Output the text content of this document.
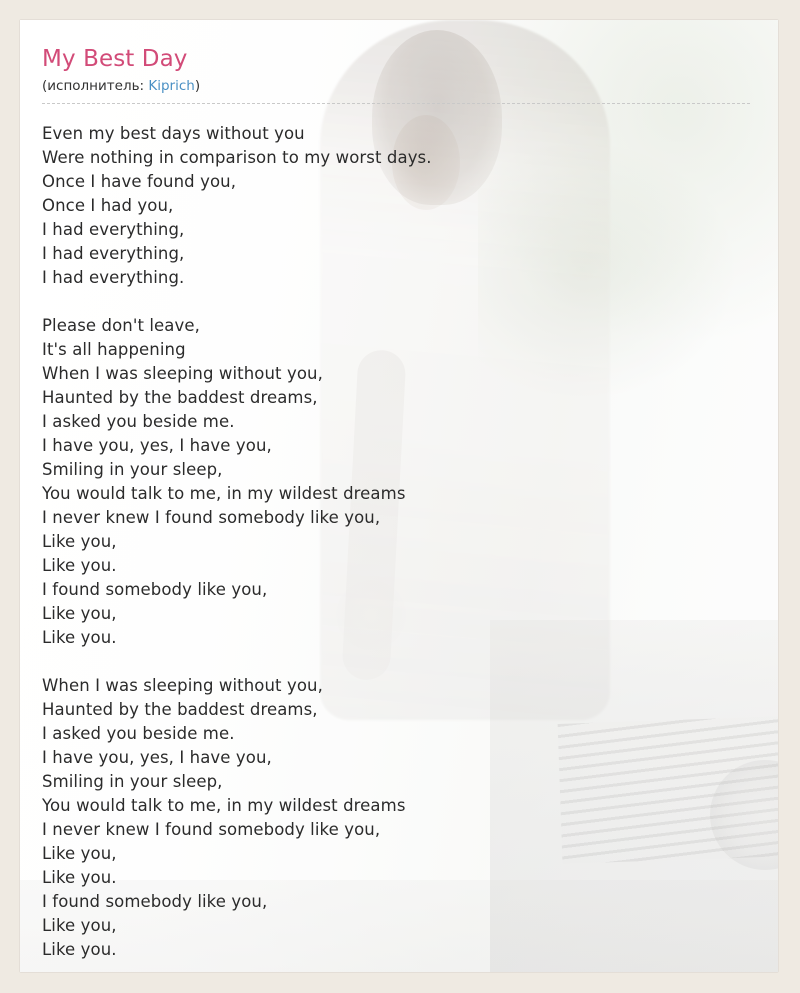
My Best Day
(исполнитель: Kiprich)
Even my best days without you
Were nothing in comparison to my worst days.
Once I have found you,
Once I had you,
I had everything,
I had everything,
I had everything.
Please don't leave,
It's all happening
When I was sleeping without you,
Haunted by the baddest dreams,
I asked you beside me.
I have you, yes, I have you,
Smiling in your sleep,
You would talk to me, in my wildest dreams
I never knew I found somebody like you,
Like you,
Like you.
I found somebody like you,
Like you,
Like you.
When I was sleeping without you,
Haunted by the baddest dreams,
I asked you beside me.
I have you, yes, I have you,
Smiling in your sleep,
You would talk to me, in my wildest dreams
I never knew I found somebody like you,
Like you,
Like you.
I found somebody like you,
Like you,
Like you.
